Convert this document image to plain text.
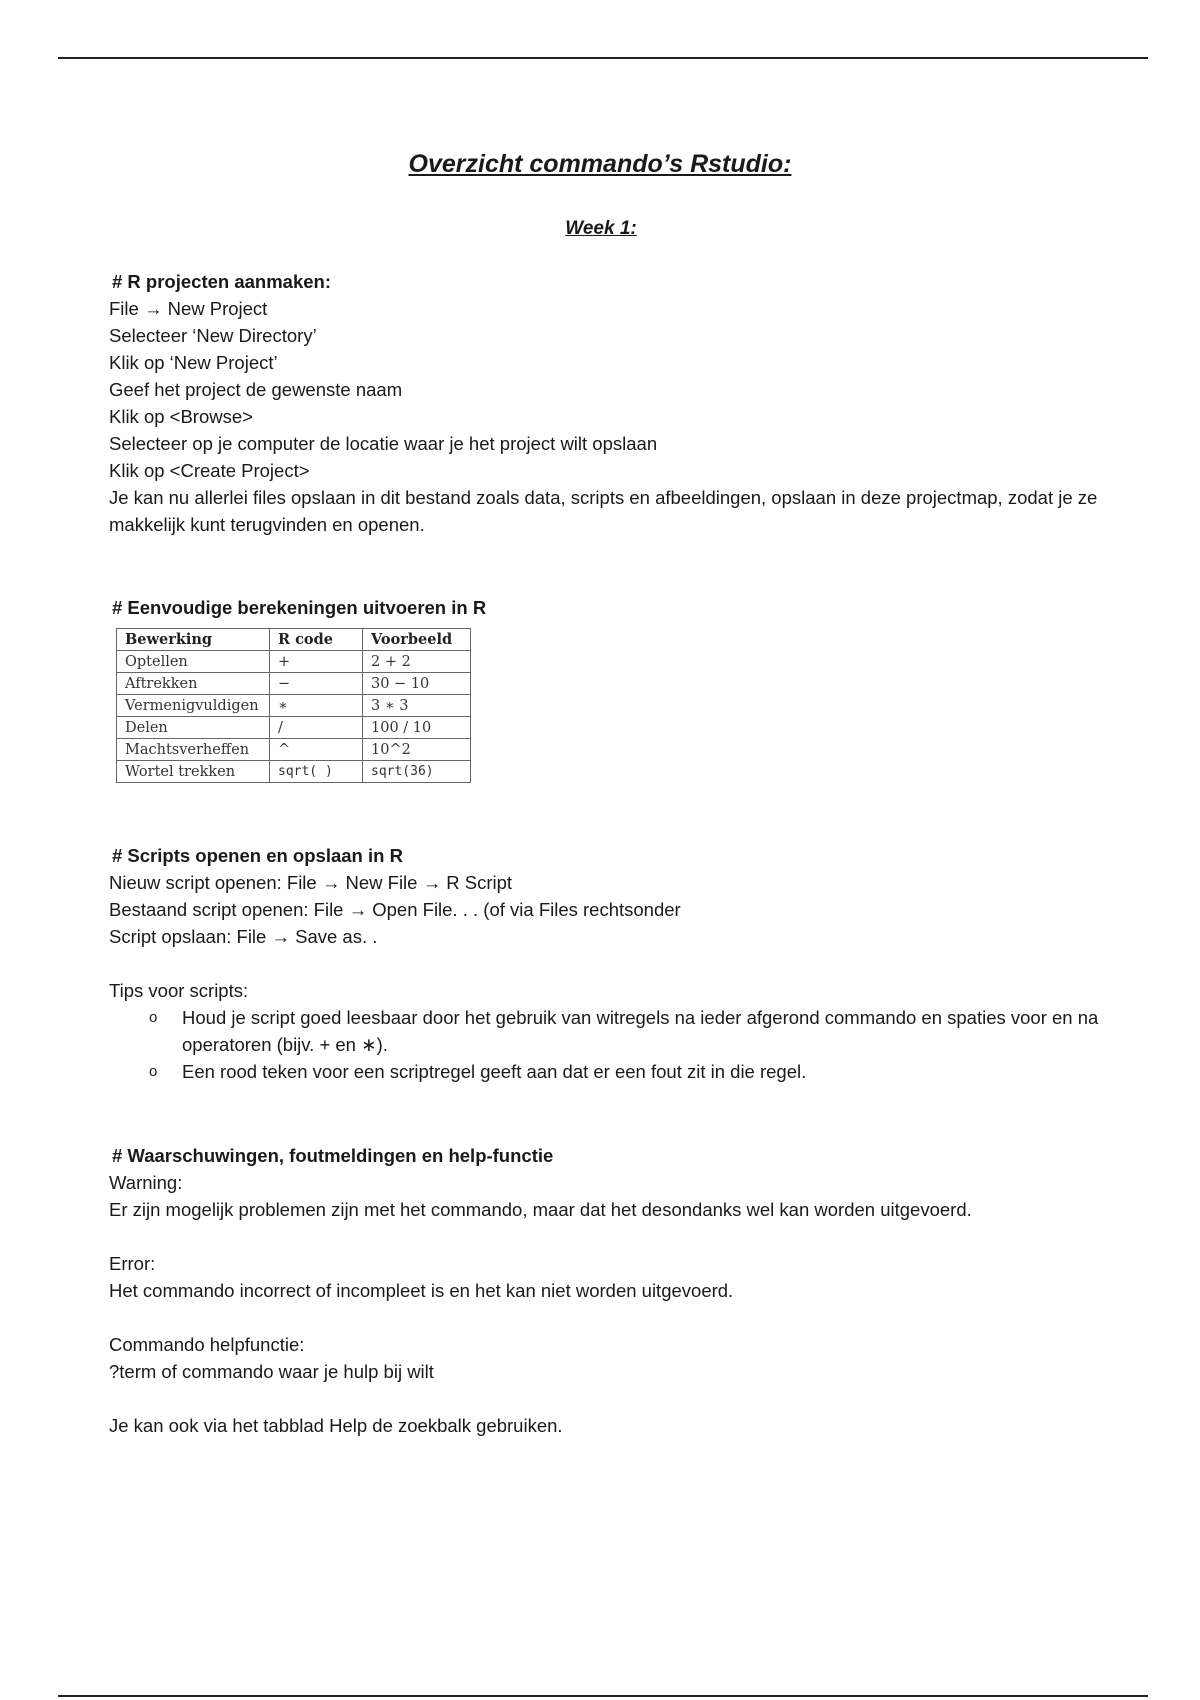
Overzicht commando’s Rstudio:
Week 1:
# R projecten aanmaken:
File → New Project
Selecteer ‘New Directory’
Klik op ‘New Project’
Geef het project de gewenste naam
Klik op <Browse>
Selecteer op je computer de locatie waar je het project wilt opslaan
Klik op <Create Project>
Je kan nu allerlei files opslaan in dit bestand zoals data, scripts en afbeeldingen, opslaan in deze projectmap, zodat je ze makkelijk kunt terugvinden en openen.
# Eenvoudige berekeningen uitvoeren in R
Bewerking	R code	Voorbeeld
Optellen	+	2 + 2
Aftrekken	−	30 − 10
Vermenigvuldigen	∗	3 ∗ 3
Delen	/	100 / 10
Machtsverheffen	^	10^2
Wortel trekken	sqrt( )	sqrt(36)
# Scripts openen en opslaan in R
Nieuw script openen: File → New File → R Script
Bestaand script openen: File → Open File. . . (of via Files rechtsonder
Script opslaan: File → Save as. .
Tips voor scripts:
o Houd je script goed leesbaar door het gebruik van witregels na ieder afgerond commando en spaties voor en na operatoren (bijv. + en ∗).
o Een rood teken voor een scriptregel geeft aan dat er een fout zit in die regel.
# Waarschuwingen, foutmeldingen en help-functie
Warning:
Er zijn mogelijk problemen zijn met het commando, maar dat het desondanks wel kan worden uitgevoerd.
Error:
Het commando incorrect of incompleet is en het kan niet worden uitgevoerd.
Commando helpfunctie:
?term of commando waar je hulp bij wilt
Je kan ook via het tabblad Help de zoekbalk gebruiken.
